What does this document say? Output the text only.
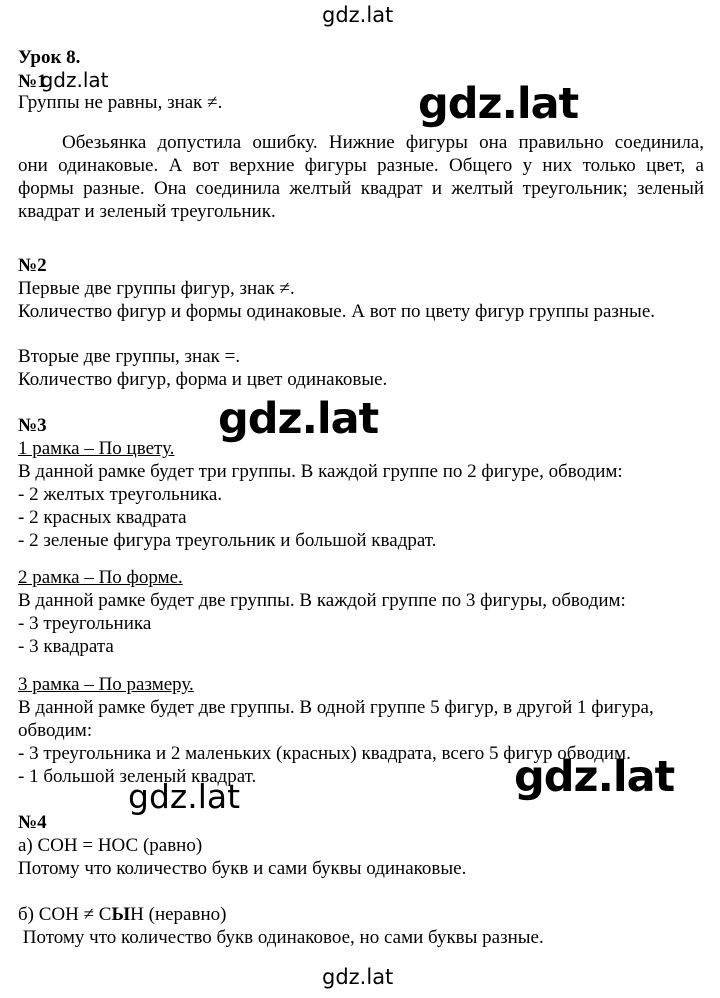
gdz.lat
gdz.lat
gdz.lat
gdz.lat	gdz.lat
gdz.lat
Урок 8.
№1gdz.lat
Группы не равны, знак ≠.
Обезьянка допустила ошибку. Нижние фигуры она правильно соединила,
они одинаковые. А вот верхние фигуры разные. Общего у них только цвет, а
формы разные. Она соединила желтый квадрат и желтый треугольник; зеленый
квадрат и зеленый треугольник.
№2
Первые две группы фигур, знак ≠.
Количество фигур и формы одинаковые. А вот по цвету фигур группы разные.
Вторые две группы, знак =.
Количество фигур, форма и цвет одинаковые.
№3
1 рамка – По цвету.
В данной рамке будет три группы. В каждой группе по 2 фигуре, обводим:
- 2 желтых треугольника.
- 2 красных квадрата
- 2 зеленые фигура треугольник и большой квадрат.
2 рамка – По форме.
В данной рамке будет две группы. В каждой группе по 3 фигуры, обводим:
- 3 треугольника
- 3 квадрата
3 рамка – По размеру.
В данной рамке будет две группы. В одной группе 5 фигур, в другой 1 фигура,
обводим:
- 3 треугольника и 2 маленьких (красных) квадрата, всего 5 фигур обводим.
- 1 большой зеленый квадрат.
№4
а) СОН = НОС (равно)
Потому что количество букв и сами буквы одинаковые.
б) СОН ≠ СЫН (неравно)
Потому что количество букв одинаковое, но сами буквы разные.
